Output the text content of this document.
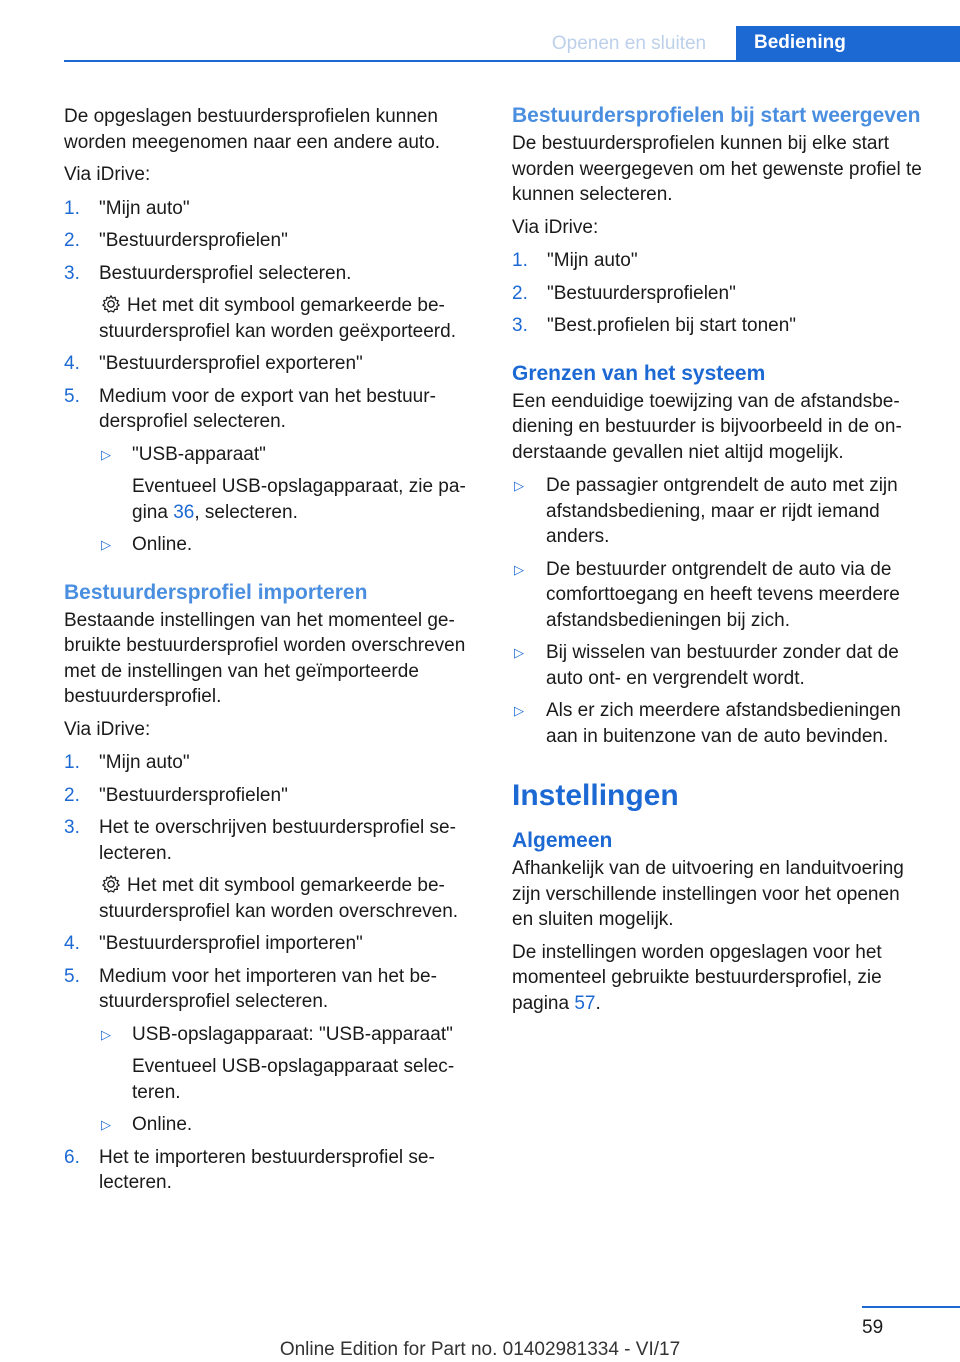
Openen en sluiten	Bediening

De opgeslagen bestuurdersprofielen kunnen worden meegenomen naar een andere auto.

Via iDrive:

1. "Mijn auto"
2. "Bestuurdersprofielen"
3. Bestuurdersprofiel selecteren.
Het met dit symbool gemarkeerde bestuurdersprofiel kan worden geëxporteerd.
4. "Bestuurdersprofiel exporteren"
5. Medium voor de export van het bestuurdersprofiel selecteren.
▷ "USB-apparaat"
Eventueel USB-opslagapparaat, zie pagina 36, selecteren.
▷ Online.
Bestuurdersprofiel importeren

Bestaande instellingen van het momenteel gebruikte bestuurdersprofiel worden overschreven met de instellingen van het geïmporteerde bestuurdersprofiel.

Via iDrive:

1. "Mijn auto"
2. "Bestuurdersprofielen"
3. Het te overschrijven bestuurdersprofiel selecteren.
Het met dit symbool gemarkeerde bestuurdersprofiel kan worden overschreven.
4. "Bestuurdersprofiel importeren"
5. Medium voor het importeren van het bestuurdersprofiel selecteren.
▷ USB-opslagapparaat: "USB-apparaat"
Eventueel USB-opslagapparaat selecteren.
▷ Online.
6. Het te importeren bestuurdersprofiel selecteren.
Bestuurdersprofielen bij start weergeven

De bestuurdersprofielen kunnen bij elke start worden weergegeven om het gewenste profiel te kunnen selecteren.

Via iDrive:

1. "Mijn auto"
2. "Bestuurdersprofielen"
3. "Best.profielen bij start tonen"
Grenzen van het systeem

Een eenduidige toewijzing van de afstandsbediening en bestuurder is bijvoorbeeld in de onderstaande gevallen niet altijd mogelijk.

▷ De passagier ontgrendelt de auto met zijn afstandsbediening, maar er rijdt iemand anders.
▷ De bestuurder ontgrendelt de auto via de comforttoegang en heeft tevens meerdere afstandsbedieningen bij zich.
▷ Bij wisselen van bestuurder zonder dat de auto ont- en vergrendelt wordt.
▷ Als er zich meerdere afstandsbedieningen aan in buitenzone van de auto bevinden.
Instellingen
Algemeen

Afhankelijk van de uitvoering en landuitvoering zijn verschillende instellingen voor het openen en sluiten mogelijk.

De instellingen worden opgeslagen voor het momenteel gebruikte bestuurdersprofiel, zie pagina 57.

59
Online Edition for Part no. 01402981334 - VI/17
